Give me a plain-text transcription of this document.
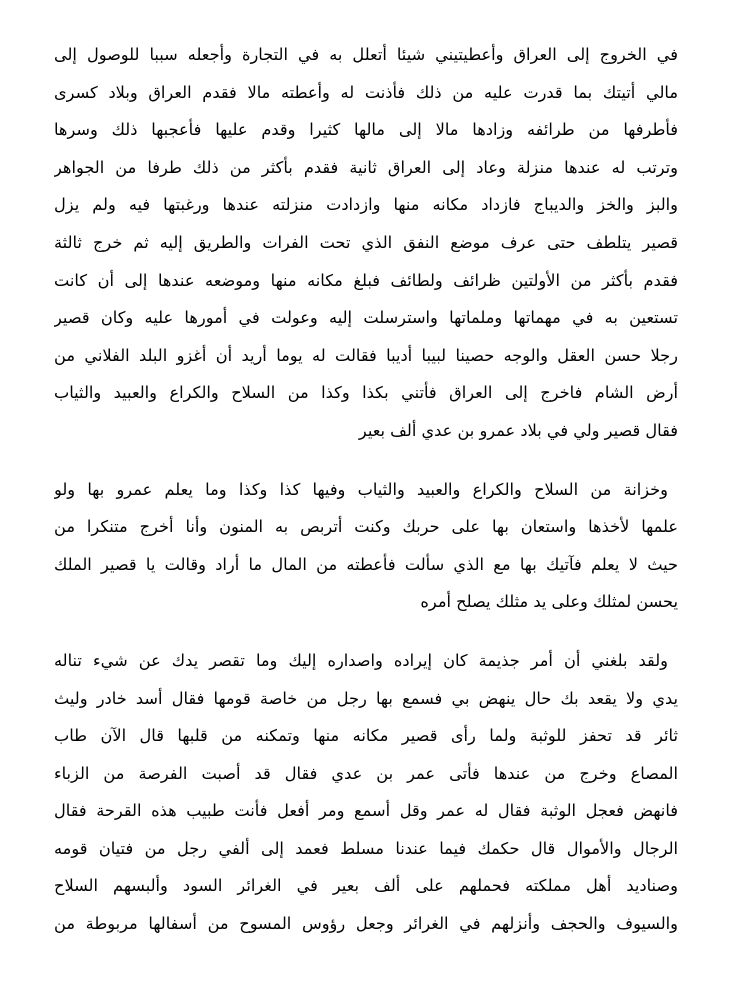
في الخروج إلى العراق وأعطيتيني شيئا أتعلل به في التجارة وأجعله سببا للوصول إلى
مالي أتيتك بما قدرت عليه من ذلك فأذنت له وأعطته مالا فقدم العراق وبلاد كسرى
فأطرفها من طرائفه وزادها مالا إلى مالها كثيرا وقدم عليها فأعجبها ذلك وسرها
وترتب له عندها منزلة وعاد إلى العراق ثانية فقدم بأكثر من ذلك طرفا من الجواهر
والبز والخز والديباج فازداد مكانه منها وازدادت منزلته عندها ورغبتها فيه ولم يزل
قصير يتلطف حتى عرف موضع النفق الذي تحت الفرات والطريق إليه ثم خرج ثالثة
فقدم بأكثر من الأولتين ظرائف ولطائف فبلغ مكانه منها وموضعه عندها إلى أن كانت
تستعين به في مهماتها وملماتها واسترسلت إليه وعولت في أمورها عليه وكان قصير
رجلا حسن العقل والوجه حصينا لبيبا أديبا فقالت له يوما أريد أن أغزو البلد الفلاني من
أرض الشام فاخرج إلى العراق فأتني بكذا وكذا من السلاح والكراع والعبيد والثياب
فقال قصير ولي في بلاد عمرو بن عدي ألف بعير
وخزانة من السلاح والكراع والعبيد والثياب وفيها كذا وكذا وما يعلم عمرو بها ولو
علمها لأخذها واستعان بها على حربك وكنت أتربص به المنون وأنا أخرج متنكرا من
حيث لا يعلم فآتيك بها مع الذي سألت فأعطته من المال ما أراد وقالت يا قصير الملك
يحسن لمثلك وعلى يد مثلك يصلح أمره
ولقد بلغني أن أمر جذيمة كان إيراده واصداره إليك وما تقصر يدك عن شيء تناله
يدي ولا يقعد بك حال ينهض بي فسمع بها رجل من خاصة قومها فقال أسد خادر وليث
ثائر قد تحفز للوثبة ولما رأى قصير مكانه منها وتمكنه من قلبها قال الآن طاب
المصاع وخرج من عندها فأتى عمر بن عدي فقال قد أصبت الفرصة من الزباء
فانهض فعجل الوثبة فقال له عمر وقل أسمع ومر أفعل فأنت طبيب هذه القرحة فقال
الرجال والأموال قال حكمك فيما عندنا مسلط فعمد إلى ألفي رجل من فتيان قومه
وصناديد أهل مملكته فحملهم على ألف بعير في الغرائر السود وألبسهم السلاح
والسيوف والحجف وأنزلهم في الغرائر وجعل رؤوس المسوح من أسفالها مربوطة من
